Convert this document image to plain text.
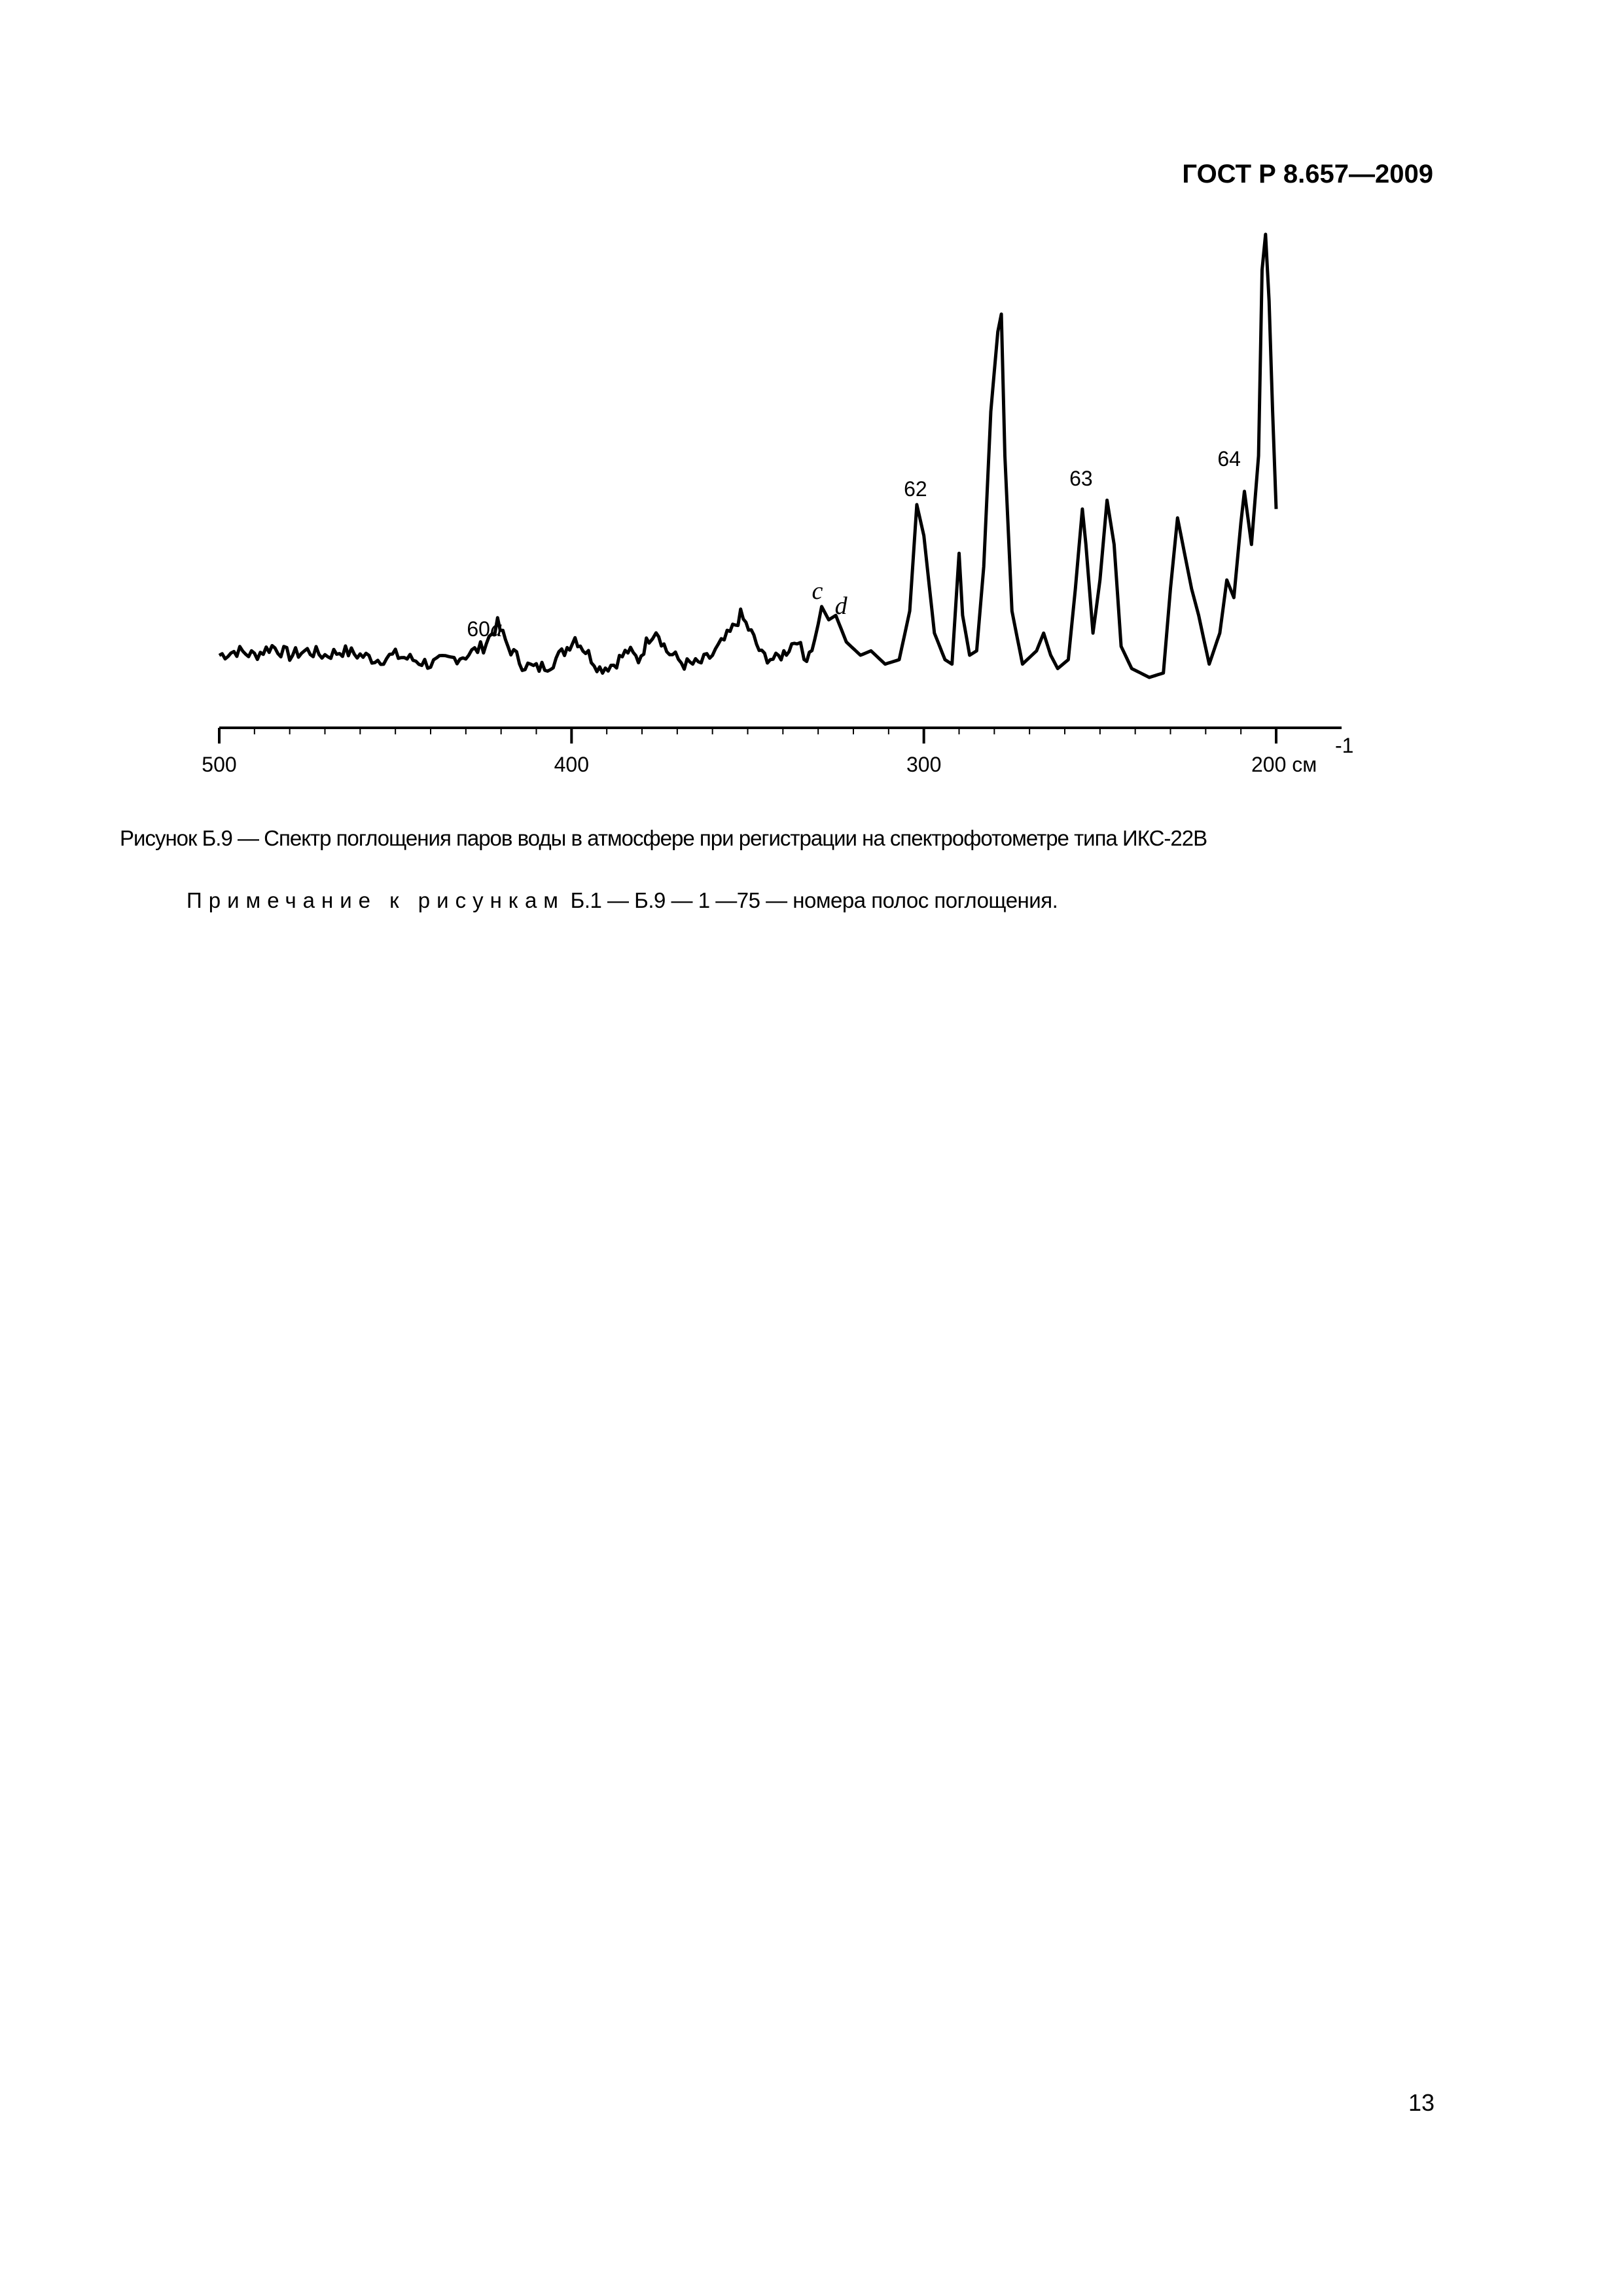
ГОСТ Р 8.657—2009
500	400	300	200 см
-1
60a
c
d
62	63
64
Рисунок Б.9 — Спектр поглощения паров воды в атмосфере при регистрации на спектрофотометре типа ИКС-22В
Примечание к рисункам Б.1 — Б.9 — 1 —75 — номера полос поглощения.
13
